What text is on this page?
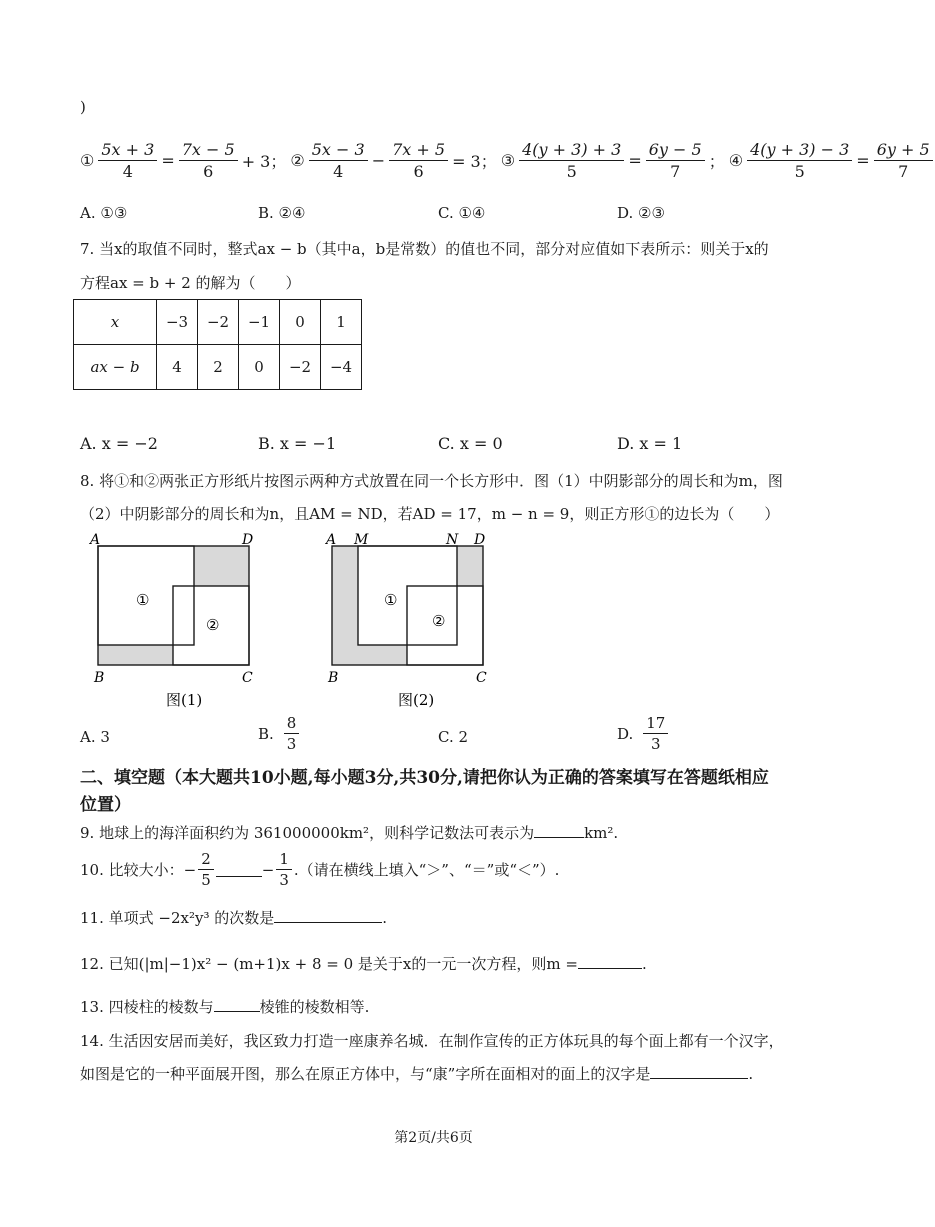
)
① $\frac{5x + 3}{4} = \frac{7x - 5}{6} + 3$； ② $\frac{5x - 3}{4} - \frac{7x + 5}{6} = 3$； ③ $\frac{4(y + 3) + 3}{5} = \frac{6y - 5}{7}$ ； ④ $\frac{4(y + 3) - 3}{5} = \frac{6y + 5}{7}$
A. ①③	B. ②④	C. ①④	D. ②③
7. 当x的取值不同时，整式ax − b（其中a，b是常数）的值也不同，部分对应值如下表所示：则关于x的
方程ax = b + 2 的解为（　　）
x	−3	−2	−1	0	1
ax − b	4	2	0	−2	−4
A. x = −2	B. x = −1	C. x = 0	D. x = 1
8. 将①和②两张正方形纸片按图示两种方式放置在同一个长方形中．图（1）中阴影部分的周长和为m，图
（2）中阴影部分的周长和为n，且AM = ND，若AD = 17，m − n = 9，则正方形①的边长为（　　）
A	D
B	C
①
②
图(1)
A M	N D
B	C
①
②
图(2)
A. 3	B. $\frac{8}{3}$	C. 2	D. $\frac{17}{3}$
二、填空题（本大题共10小题,每小题3分,共30分,请把你认为正确的答案填写在答题纸相应
位置）
9. 地球上的海洋面积约为 361000000km²，则科学记数法可表示为	km².
10. 比较大小：− $\frac{2}{5}$	− $\frac{1}{3}$ .（请在横线上填入“＞”、“＝”或“＜”）.
11. 单项式 −2x²y³ 的次数是	.
12. 已知(|m|−1)x² − (m+1)x + 8 = 0 是关于x的一元一次方程，则m =	.
13. 四棱柱的棱数与	棱锥的棱数相等.
14. 生活因安居而美好，我区致力打造一座康养名城．在制作宣传的正方体玩具的每个面上都有一个汉字，
如图是它的一种平面展开图，那么在原正方体中，与“康”字所在面相对的面上的汉字是	.
第2页/共6页
